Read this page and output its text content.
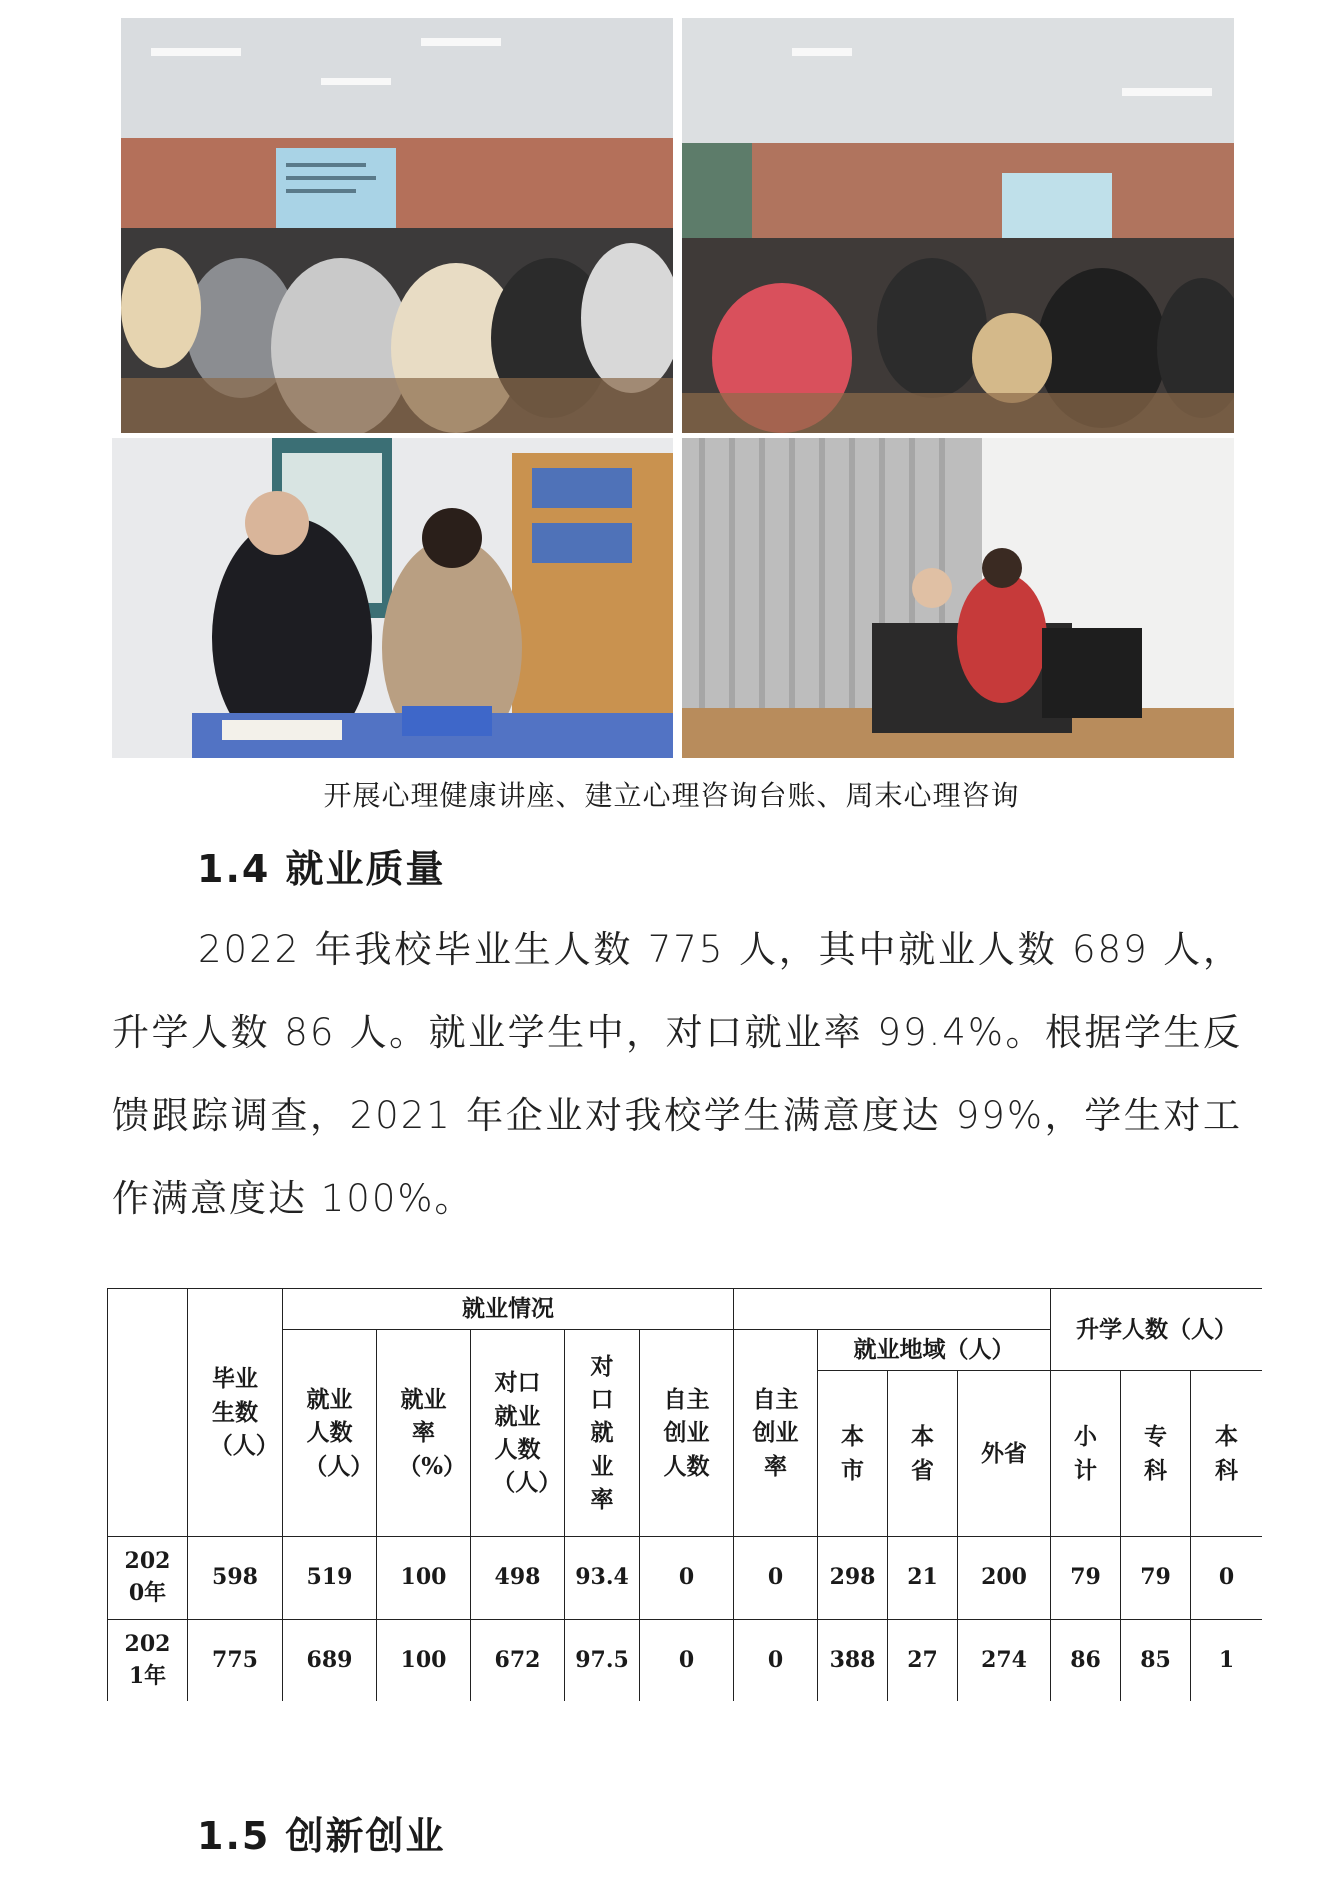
开展心理健康讲座、建立心理咨询台账、周末心理咨询
1.4 就业质量
2022 年我校毕业生人数 775 人，其中就业人数 689 人，升学人数 86 人。就业学生中，对口就业率 99.4%。根据学生反馈跟踪调查，2021 年企业对我校学生满意度达 99%，学生对工作满意度达 100%。
	毕业生数（人）	就业情况									升学人数（人）		
		就业人数（人）	就业率（%）	对口就业人数（人）	对口就业率	自主创业人数	自主创业率	就业地域（人）					
								本市	本省	外省	小计	专科	本科
2020年	598	519	100	498	93.4	0	0	298	21	200	79	79	0
2021年	775	689	100	672	97.5	0	0	388	27	274	86	85	1
1.5 创新创业
